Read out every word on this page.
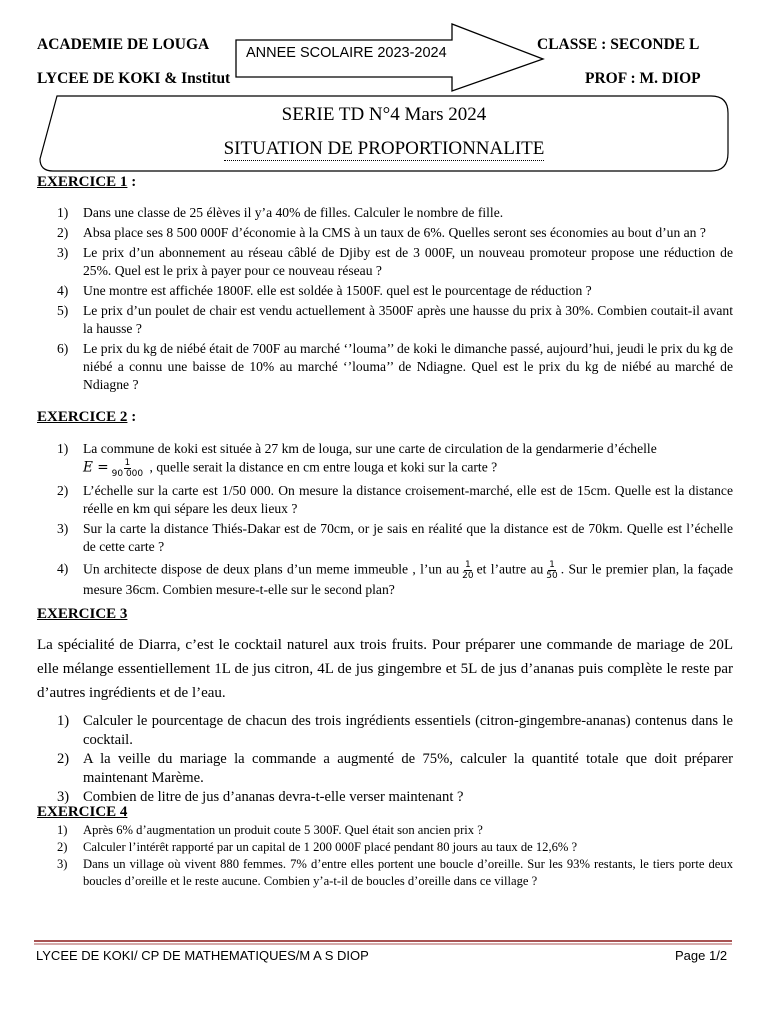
ACADEMIE DE LOUGA	CLASSE : SECONDE L
LYCEE DE KOKI & Institut	PROF : M. DIOP
ANNEE SCOLAIRE 2023-2024
SERIE TD N°4 Mars 2024
SITUATION DE PROPORTIONNALITE
EXERCICE 1 :
1) Dans une classe de 25 élèves il y’a 40% de filles. Calculer le nombre de fille.
2) Absa place ses 8 500 000F d’économie à la CMS à un taux de 6%. Quelles seront ses économies au bout d’un an ?
3) Le prix d’un abonnement au réseau câblé de Djiby est de 3 000F, un nouveau promoteur propose une réduction de 25%. Quel est le prix à payer pour ce nouveau réseau ?
4) Une montre est affichée 1800F. elle est soldée à 1500F. quel est le pourcentage de réduction ?
5) Le prix d’un poulet de chair est vendu actuellement à 3500F après une hausse du prix à 30%. Combien coutait-il avant la hausse ?
6) Le prix du kg de niébé était de 700F au marché ‘’louma’’ de koki le dimanche passé, aujourd’hui, jeudi le prix du kg de niébé a connu une baisse de 10% au marché ‘’louma’’ de Ndiagne. Quel est le prix du kg de niébé au marché de Ndiagne ?
EXERCICE 2 :
1) La commune de koki est située à 27 km de louga, sur une carte de circulation de la gendarmerie d’échelle
$E = \frac{1}{90 000}$ , quelle serait la distance en cm entre louga et koki sur la carte ?
2) L’échelle sur la carte est 1/50 000. On mesure la distance croisement-marché, elle est de 15cm. Quelle est la distance réelle en km qui sépare les deux lieux ?
3) Sur la carte la distance Thiés-Dakar est de 70cm, or je sais en réalité que la distance est de 70km. Quelle est l’échelle de cette carte ?
4) Un architecte dispose de deux plans d’un meme immeuble , l’un au $\frac{1}{20}$ et l’autre au $\frac{1}{50}$ . Sur le premier plan, la façade mesure 36cm. Combien mesure-t-elle sur le second plan?
EXERCICE 3
La spécialité de Diarra, c’est le cocktail naturel aux trois fruits. Pour préparer une commande de mariage de 20L elle mélange essentiellement 1L de jus citron, 4L de jus gingembre et 5L de jus d’ananas puis complète le reste par d’autres ingrédients et de l’eau.
1) Calculer le pourcentage de chacun des trois ingrédients essentiels (citron-gingembre-ananas) contenus dans le cocktail.
2) A la veille du mariage la commande a augmenté de 75%, calculer la quantité totale que doit préparer maintenant Marème.
3) Combien de litre de jus d’ananas devra-t-elle verser maintenant ?
EXERCICE 4
1) Après 6% d’augmentation un produit coute 5 300F. Quel était son ancien prix ?
2) Calculer l’intérêt rapporté par un capital de 1 200 000F placé pendant 80 jours au taux de 12,6% ?
3) Dans un village où vivent 880 femmes. 7% d’entre elles portent une boucle d’oreille. Sur les 93% restants, le tiers porte deux boucles d’oreille et le reste aucune. Combien y’a-t-il de boucles d’oreille dans ce village ?
LYCEE DE KOKI/ CP DE MATHEMATIQUES/M A S DIOP	Page 1/2
